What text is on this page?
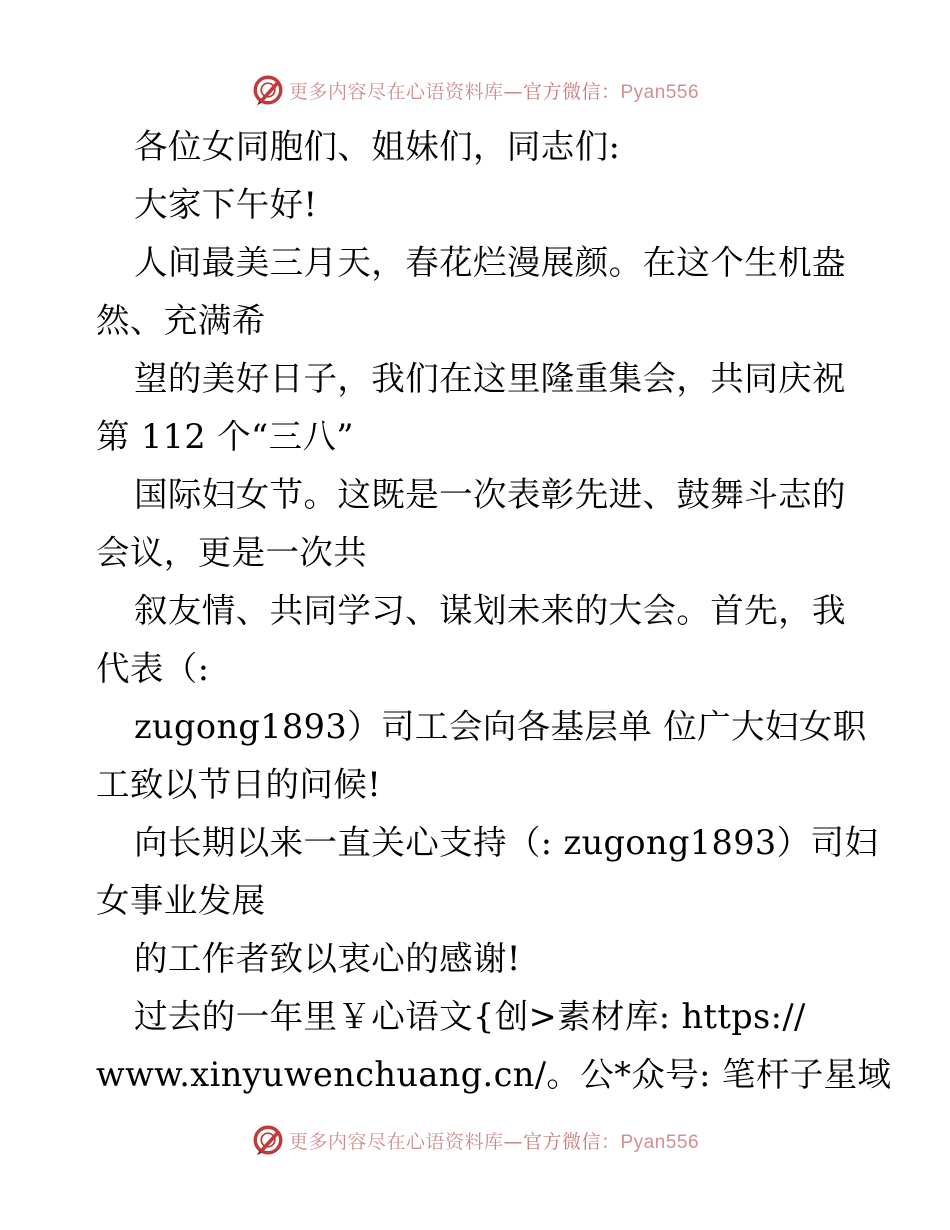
更多内容尽在心语资料库—官方微信：Pyan556
各位女同胞们、姐妹们，同志们:
大家下午好!
人间最美三月天，春花烂漫展颜。在这个生机盎
然、充满希
望的美好日子，我们在这里隆重集会，共同庆祝
第 112 个“三八”
国际妇女节。这既是一次表彰先进、鼓舞斗志的
会议，更是一次共
叙友情、共同学习、谋划未来的大会。首先，我
代表（:
zugong1893）司工会向各基层单 位广大妇女职
工致以节日的问候!
向长期以来一直关心支持（: zugong1893）司妇
女事业发展
的工作者致以衷心的感谢!
过去的一年里￥心语文{创>素材库: https://
www.xinyuwenchuang.cn/。公*众号: 笔杆子星域
更多内容尽在心语资料库—官方微信：Pyan556
